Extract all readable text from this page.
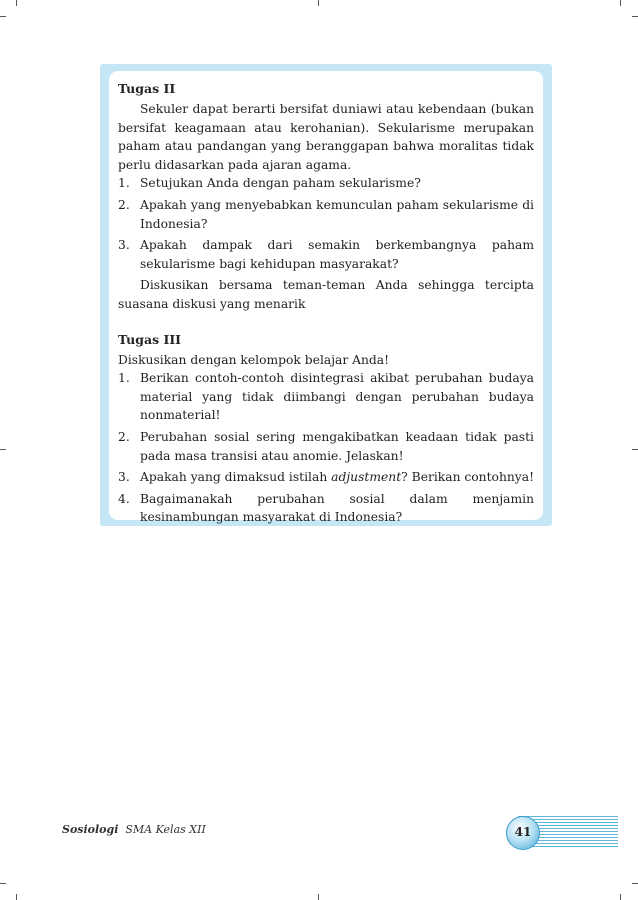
Tugas II

Sekuler dapat berarti bersifat duniawi atau kebendaan (bukan bersifat keagamaan atau kerohanian). Sekularisme merupakan paham atau pandangan yang beranggapan bahwa moralitas tidak perlu didasarkan pada ajaran agama.

1. Setujukan Anda dengan paham sekularisme?
2. Apakah yang menyebabkan kemunculan paham sekularisme di Indonesia?
3. Apakah dampak dari semakin berkembangnya paham sekularisme bagi kehidupan masyarakat?

Diskusikan bersama teman-teman Anda sehingga tercipta suasana diskusi yang menarik

Tugas III

Diskusikan dengan kelompok belajar Anda!

1. Berikan contoh-contoh disintegrasi akibat perubahan budaya material yang tidak diimbangi dengan perubahan budaya nonmaterial!
2. Perubahan sosial sering mengakibatkan keadaan tidak pasti pada masa transisi atau anomie. Jelaskan!
3. Apakah yang dimaksud istilah adjustment? Berikan contohnya!
4. Bagaimanakah perubahan sosial dalam menjamin kesinambungan masyarakat di Indonesia?
Sosiologi SMA Kelas XII	41
